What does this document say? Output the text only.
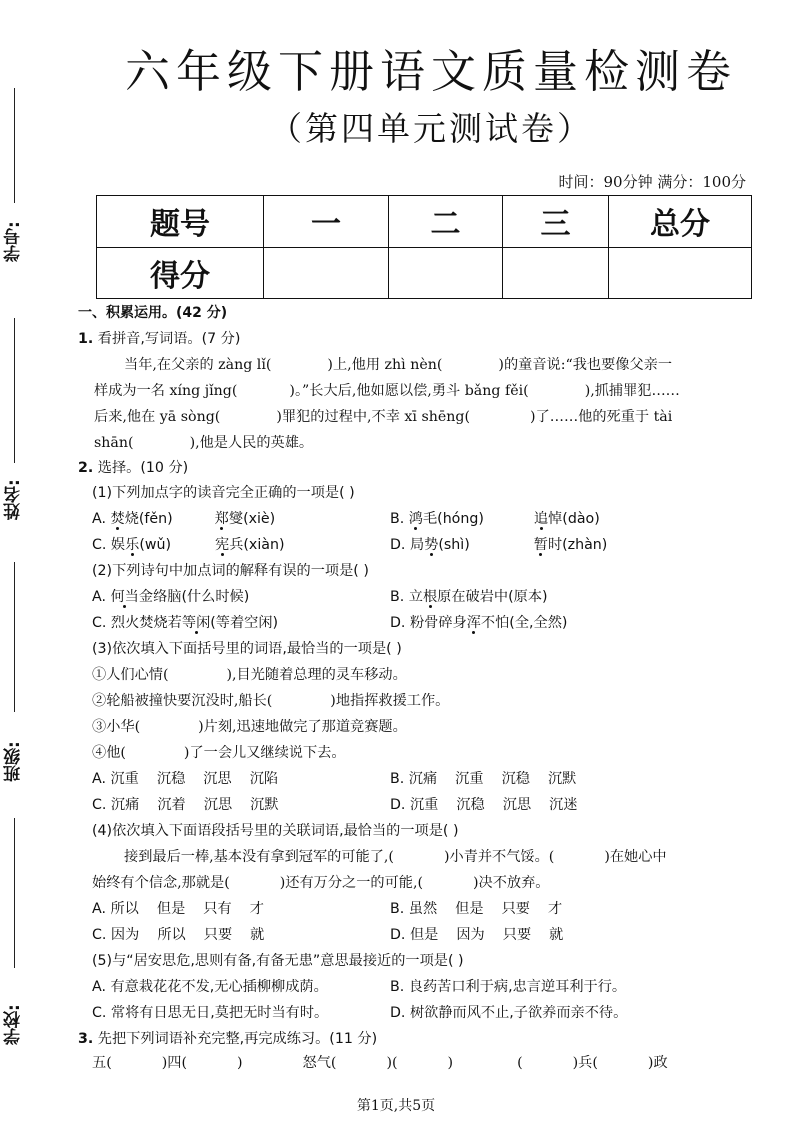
学号:
姓名:
班级:
学校:
六年级下册语文质量检测卷
（第四单元测试卷）
时间：90分钟 满分：100分
题号	一	二	三	总分
得分				
一、积累运用。(42 分)
1. 看拼音,写词语。(7 分)
当年,在父亲的 zàng lǐ(	)上,他用 zhì nèn(	)的童音说:“我也要像父亲一
样成为一名 xíng jǐng(	)。”长大后,他如愿以偿,勇斗 bǎng fěi(	),抓捕罪犯……
后来,他在 yā sòng(	)罪犯的过程中,不幸 xī shēng(	)了……他的死重于 tài
shān(	),他是人民的英雄。
2. 选择。(10 分)
(1)下列加点字的读音完全正确的一项是( )
A. 焚烧(fěn)	郑燮(xiè)	B. 鸿毛(hóng)	追悼(dào)
C. 娱乐(wǔ)	宪兵(xiàn)	D. 局势(shì)	暂时(zhàn)
(2)下列诗句中加点词的解释有误的一项是( )
A. 何当金络脑(什么时候)	B. 立根原在破岩中(原本)
C. 烈火焚烧若等闲(等着空闲)	D. 粉骨碎身浑不怕(全,全然)
(3)依次填入下面括号里的词语,最恰当的一项是( )
①人们心情(	),目光随着总理的灵车移动。
②轮船被撞快要沉没时,船长(	)地指挥救援工作。
③小华(	)片刻,迅速地做完了那道竞赛题。
④他(	)了一会儿又继续说下去。
A. 沉重    沉稳    沉思    沉陷	B. 沉痛    沉重    沉稳    沉默
C. 沉痛    沉着    沉思    沉默	D. 沉重    沉稳    沉思    沉迷
(4)依次填入下面语段括号里的关联词语,最恰当的一项是( )
接到最后一棒,基本没有拿到冠军的可能了,(	)小青并不气馁。(	)在她心中
始终有个信念,那就是(	)还有万分之一的可能,(	)决不放弃。
A. 所以    但是    只有    才	B. 虽然    但是    只要    才
C. 因为    所以    只要    就	D. 但是    因为    只要    就
(5)与“居安思危,思则有备,有备无患”意思最接近的一项是( )
A. 有意栽花花不发,无心插柳柳成荫。	B. 良药苦口利于病,忠言逆耳利于行。
C. 常将有日思无日,莫把无时当有时。	D. 树欲静而风不止,子欲养而亲不待。
3. 先把下列词语补充完整,再完成练习。(11 分)
五(	)四(	)	怒气(	)(	)	(	)兵(	)政
第1页,共5页
